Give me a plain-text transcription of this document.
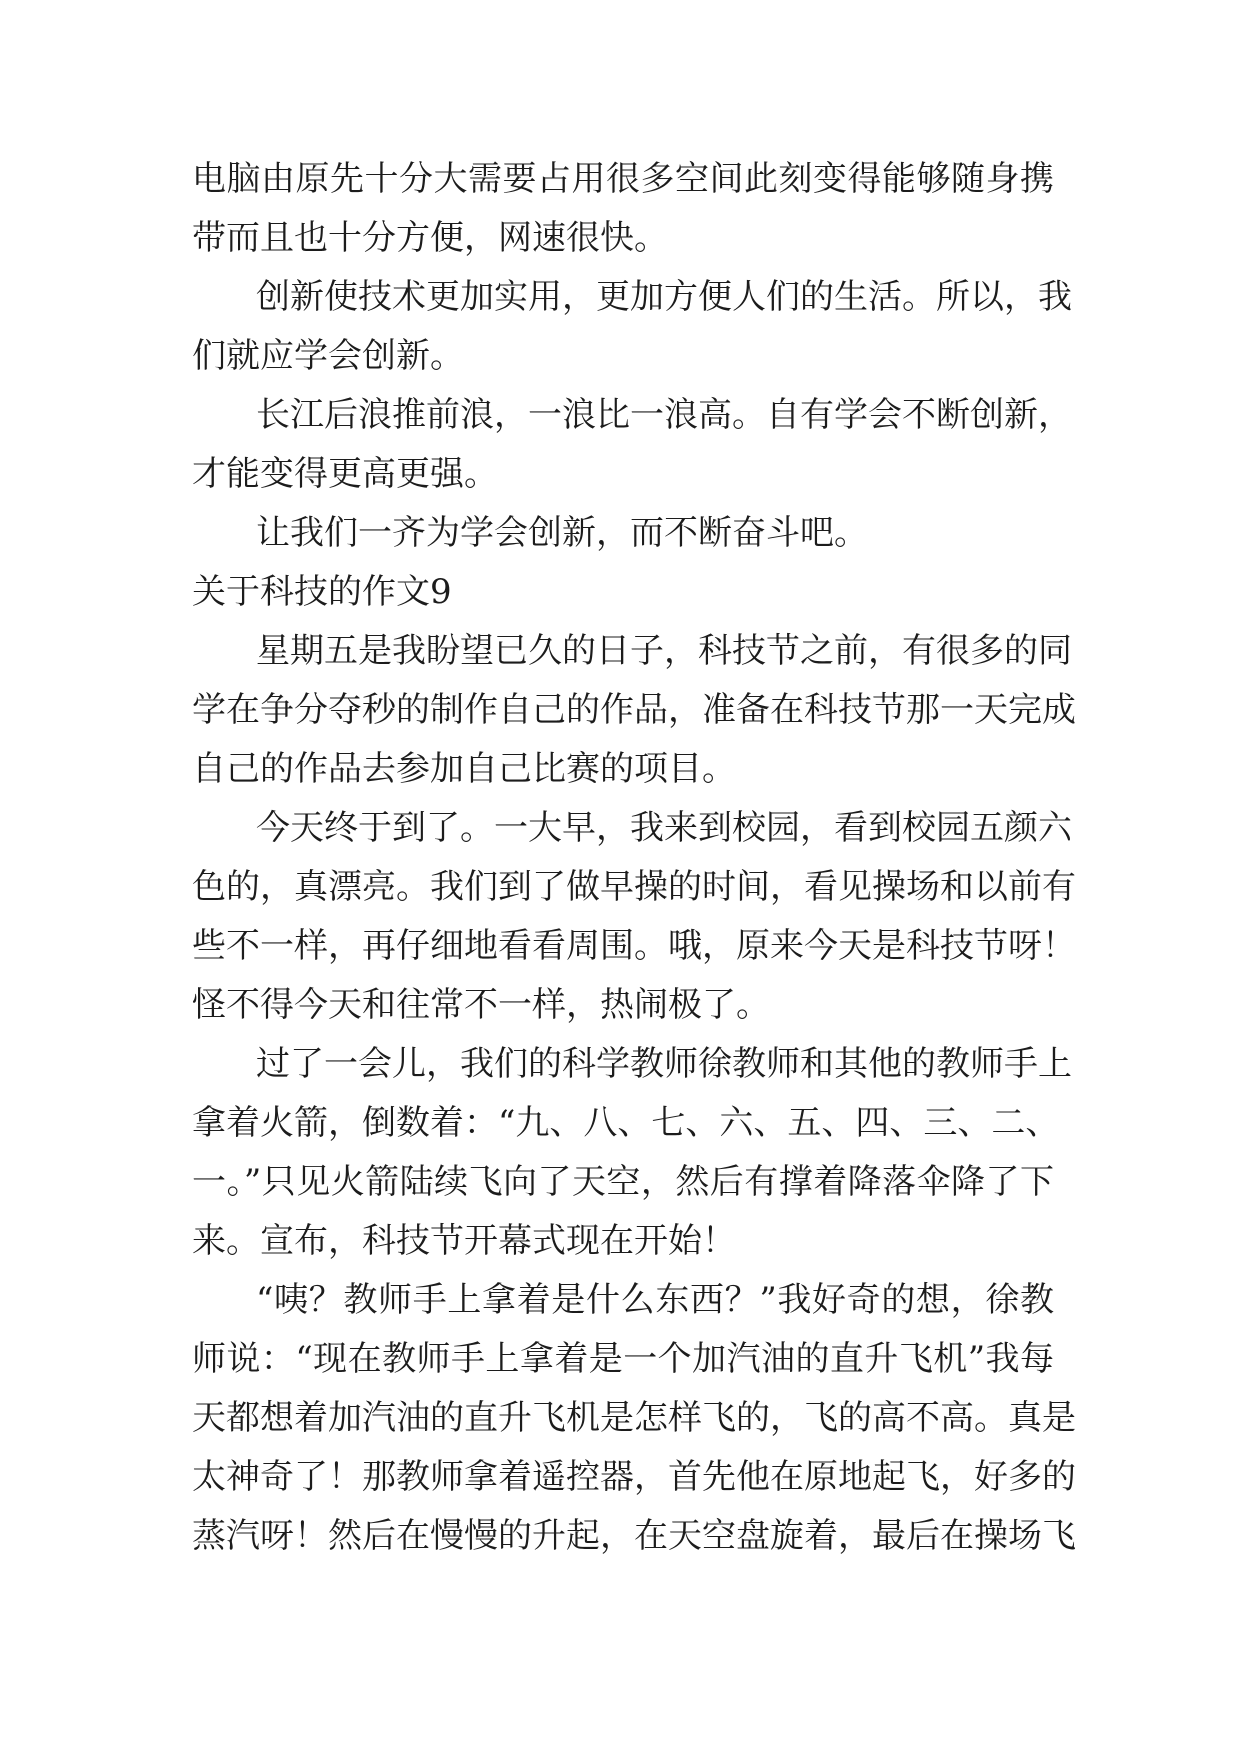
电脑由原先十分大需要占用很多空间此刻变得能够随身携
带而且也十分方便，网速很快。
创新使技术更加实用，更加方便人们的生活。所以，我
们就应学会创新。
长江后浪推前浪，一浪比一浪高。自有学会不断创新，
才能变得更高更强。
让我们一齐为学会创新，而不断奋斗吧。
关于科技的作文9
星期五是我盼望已久的日子，科技节之前，有很多的同
学在争分夺秒的制作自己的作品，准备在科技节那一天完成
自己的作品去参加自己比赛的项目。
今天终于到了。一大早，我来到校园，看到校园五颜六
色的，真漂亮。我们到了做早操的时间，看见操场和以前有
些不一样，再仔细地看看周围。哦，原来今天是科技节呀！
怪不得今天和往常不一样，热闹极了。
过了一会儿，我们的科学教师徐教师和其他的教师手上
拿着火箭，倒数着：“九、八、七、六、五、四、三、二、
一。”只见火箭陆续飞向了天空，然后有撑着降落伞降了下
来。宣布，科技节开幕式现在开始！
“咦？教师手上拿着是什么东西？”我好奇的想，徐教
师说：“现在教师手上拿着是一个加汽油的直升飞机”我每
天都想着加汽油的直升飞机是怎样飞的，飞的高不高。真是
太神奇了！那教师拿着遥控器，首先他在原地起飞，好多的
蒸汽呀！然后在慢慢的升起，在天空盘旋着，最后在操场飞
